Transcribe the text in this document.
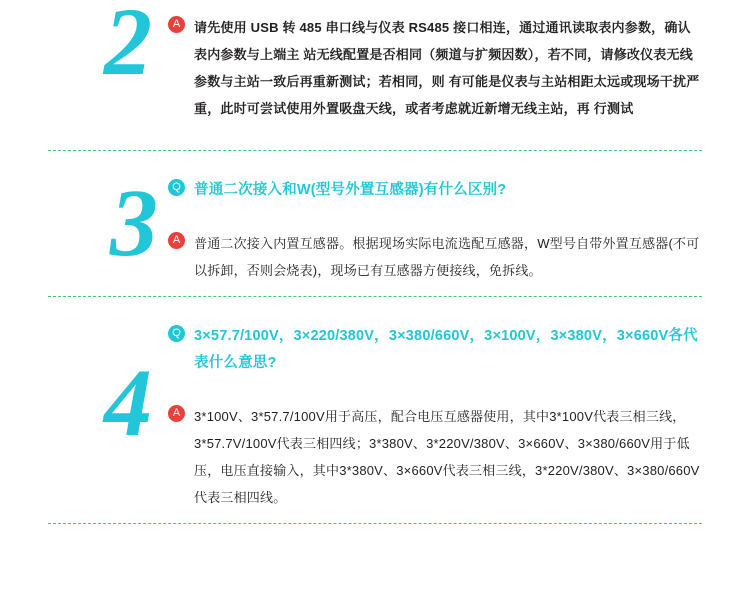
2	A	请先使用 USB 转 485 串口线与仪表 RS485 接口相连，通过通讯读取表内参数，确认表内参数与上端主 站无线配置是否相同（频道与扩频因数），若不同，请修改仪表无线参数与主站一致后再重新测试；若相同，则 有可能是仪表与主站相距太远或现场干扰严重，此时可尝试使用外置吸盘天线，或者考虑就近新增无线主站，再 行测试
3	Q 普通二次接入和W(型号外置互感器)有什么区别?
A	普通二次接入内置互感器。根据现场实际电流选配互感器，W型号自带外置互感器(不可以拆卸，否则会烧表)，现场已有互感器方便接线，免拆线。
4
Q 3×57.7/100V，3×220/380V，3×380/660V，3×100V，3×380V，3×660V各代表什么意思?
A	3*100V、3*57.7/100V用于高压，配合电压互感器使用，其中3*100V代表三相三线，3*57.7V/100V代表三相四线；3*380V、3*220V/380V、3×660V、3×380/660V用于低压，电压直接输入，其中3*380V、3×660V代表三相三线，3*220V/380V、3×380/660V代表三相四线。
